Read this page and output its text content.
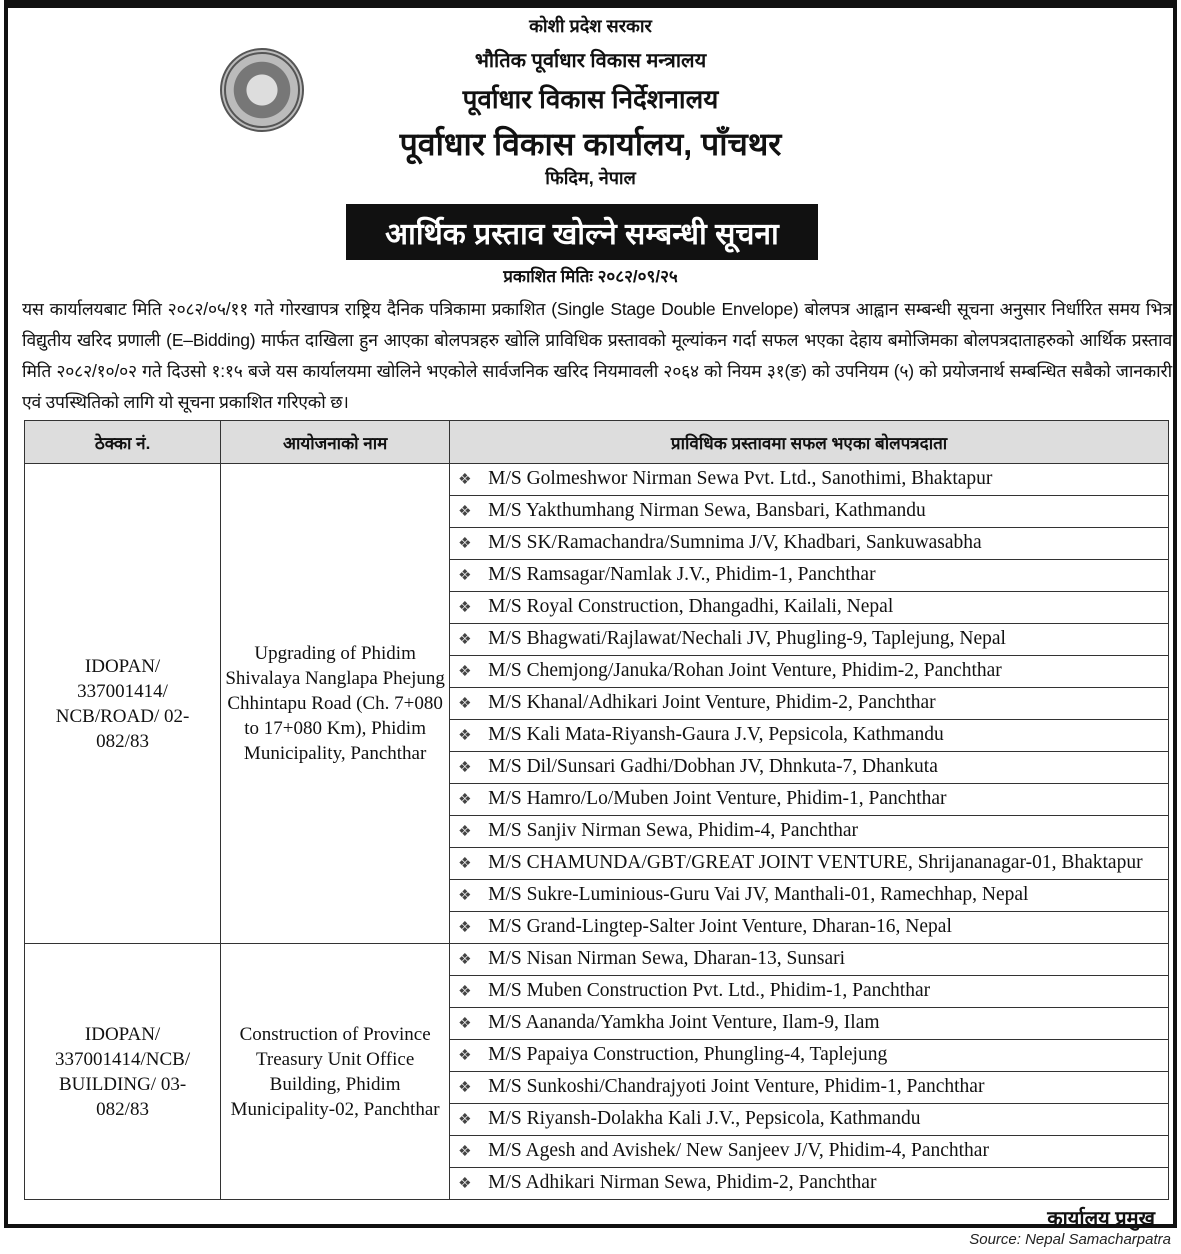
कोशी प्रदेश सरकार
भौतिक पूर्वाधार विकास मन्त्रालय
पूर्वाधार विकास निर्देशनालय
पूर्वाधार विकास कार्यालय, पाँचथर
फिदिम, नेपाल
आर्थिक प्रस्ताव खोल्ने सम्बन्धी सूचना
प्रकाशित मितिः २०८२/०९/२५
यस कार्यालयबाट मिति २०८२/०५/११ गते गोरखापत्र राष्ट्रिय दैनिक पत्रिकामा प्रकाशित (Single Stage Double Envelope) बोलपत्र आह्वान सम्बन्धी सूचना अनुसार निर्धारित समय भित्र विद्युतीय खरिद प्रणाली (E–Bidding) मार्फत दाखिला हुन आएका बोलपत्रहरु खोलि प्राविधिक प्रस्तावको मूल्यांकन गर्दा सफल भएका देहाय बमोजिमका बोलपत्रदाताहरुको आर्थिक प्रस्ताव मिति २०८२/१०/०२ गते दिउसो १:१५ बजे यस कार्यालयमा खोलिने भएकोले सार्वजनिक खरिद नियमावली २०६४ को नियम ३१(ङ) को उपनियम (५) को प्रयोजनार्थ सम्बन्धित सबैको जानकारी एवं उपस्थितिको लागि यो सूचना प्रकाशित गरिएको छ।
ठेक्का नं.	आयोजनाको नाम	प्राविधिक प्रस्तावमा सफल भएका बोलपत्रदाता
IDOPAN/ 337001414/ NCB/ROAD/ 02-082/83	Upgrading of Phidim Shivalaya Nanglapa Phejung Chhintapu Road (Ch. 7+080 to 17+080 Km), Phidim Municipality, Panchthar	❖ M/S Golmeshwor Nirman Sewa Pvt. Ltd., Sanothimi, Bhaktapur
		❖ M/S Yakthumhang Nirman Sewa, Bansbari, Kathmandu
		❖ M/S SK/Ramachandra/Sumnima J/V, Khadbari, Sankuwasabha
		❖ M/S Ramsagar/Namlak J.V., Phidim-1, Panchthar
		❖ M/S Royal Construction, Dhangadhi, Kailali, Nepal
		❖ M/S Bhagwati/Rajlawat/Nechali JV, Phugling-9, Taplejung, Nepal
		❖ M/S Chemjong/Januka/Rohan Joint Venture, Phidim-2, Panchthar
		❖ M/S Khanal/Adhikari Joint Venture, Phidim-2, Panchthar
		❖ M/S Kali Mata-Riyansh-Gaura J.V, Pepsicola, Kathmandu
		❖ M/S Dil/Sunsari Gadhi/Dobhan JV, Dhnkuta-7, Dhankuta
		❖ M/S Hamro/Lo/Muben Joint Venture, Phidim-1, Panchthar
		❖ M/S Sanjiv Nirman Sewa, Phidim-4, Panchthar
		❖ M/S CHAMUNDA/GBT/GREAT JOINT VENTURE, Shrijananagar-01, Bhaktapur
		❖ M/S Sukre-Luminious-Guru Vai JV, Manthali-01, Ramechhap, Nepal
		❖ M/S Grand-Lingtep-Salter Joint Venture, Dharan-16, Nepal
IDOPAN/ 337001414/NCB/ BUILDING/ 03-082/83	Construction of Province Treasury Unit Office Building, Phidim Municipality-02, Panchthar	❖ M/S Nisan Nirman Sewa, Dharan-13, Sunsari
		❖ M/S Muben Construction Pvt. Ltd., Phidim-1, Panchthar
		❖ M/S Aananda/Yamkha Joint Venture, Ilam-9, Ilam
		❖ M/S Papaiya Construction, Phungling-4, Taplejung
		❖ M/S Sunkoshi/Chandrajyoti Joint Venture, Phidim-1, Panchthar
		❖ M/S Riyansh-Dolakha Kali J.V., Pepsicola, Kathmandu
		❖ M/S Agesh and Avishek/ New Sanjeev J/V, Phidim-4, Panchthar
		❖ M/S Adhikari Nirman Sewa, Phidim-2, Panchthar
कार्यालय प्रमुख
Source: Nepal Samacharpatra
